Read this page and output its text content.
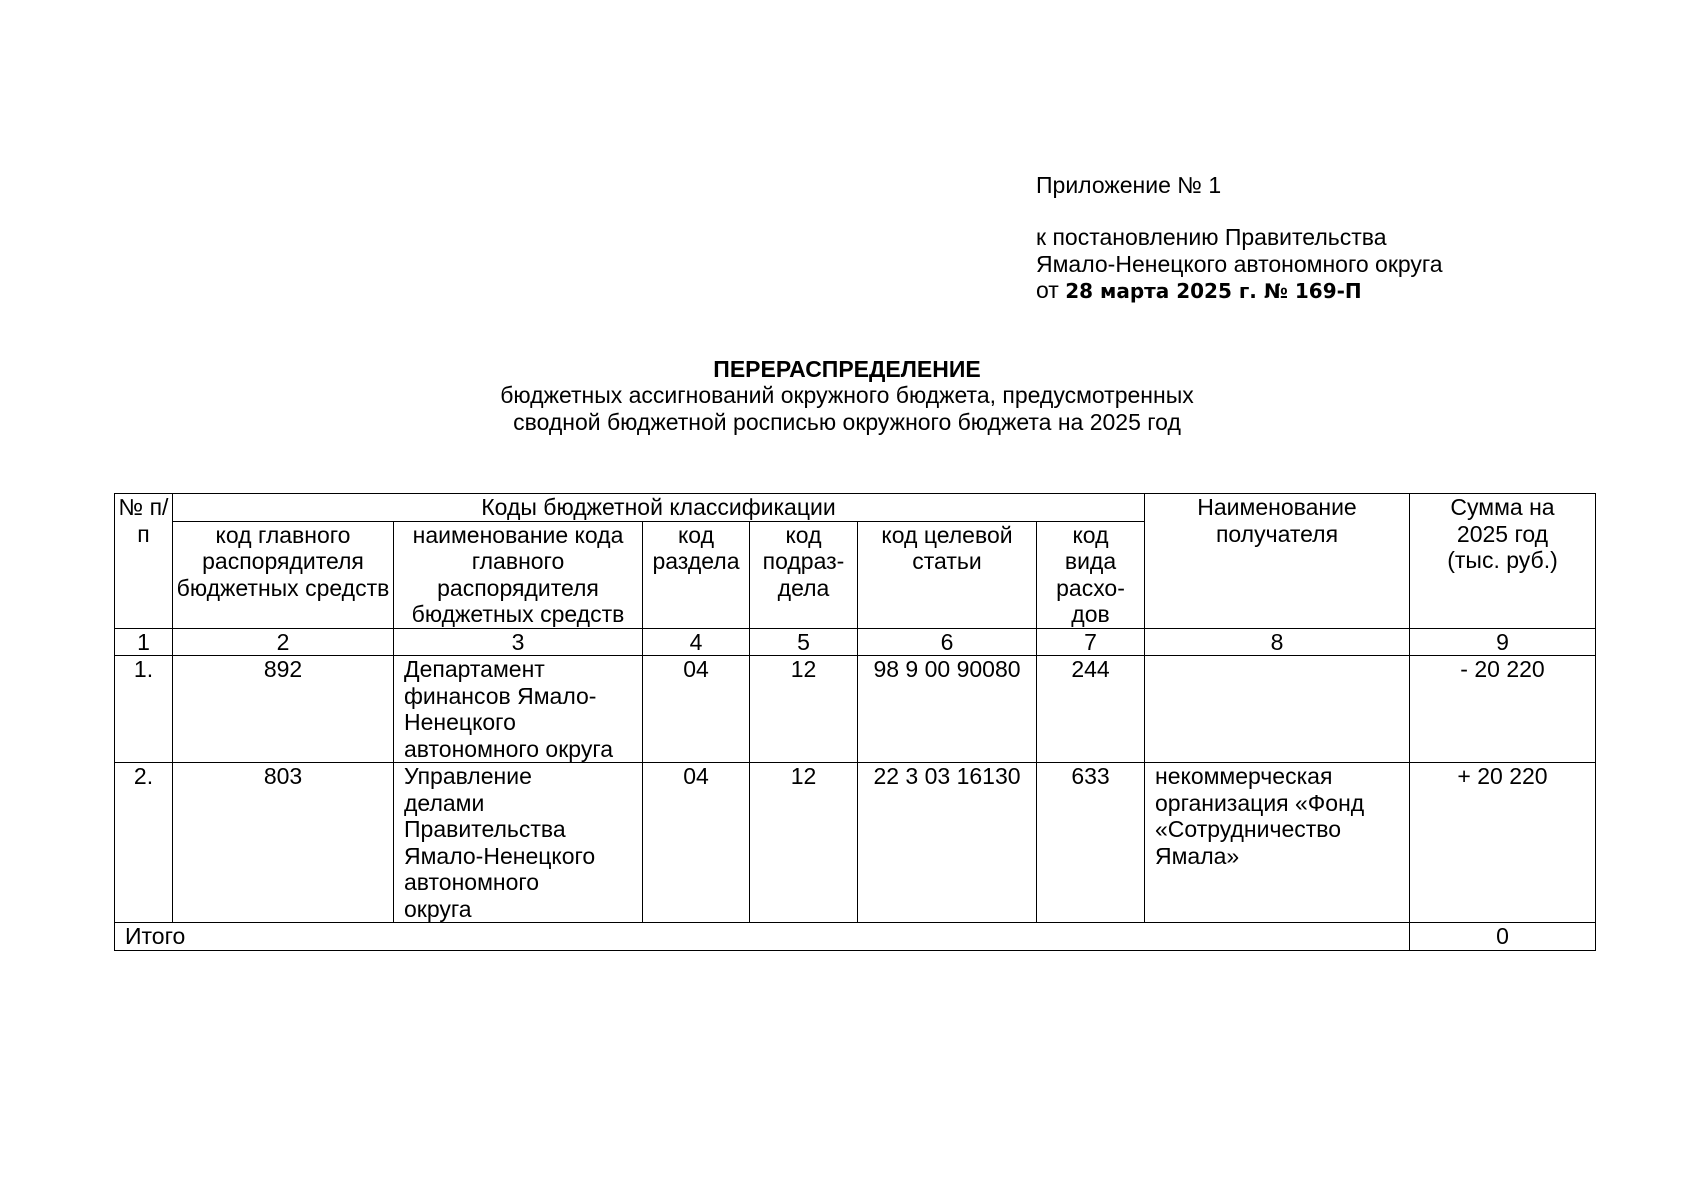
Приложение № 1
к постановлению Правительства
Ямало-Ненецкого автономного округа
от 28 марта 2025 г. № 169-П
ПЕРЕРАСПРЕДЕЛЕНИЕ
бюджетных ассигнований окружного бюджета, предусмотренных
сводной бюджетной росписью окружного бюджета на 2025 год
№ п/п	Коды бюджетной классификации						Наименование получателя	Сумма на 2025 год (тыс. руб.)
	код главного распорядителя бюджетных средств	наименование кода главного распорядителя бюджетных средств	код раздела	код подраз-дела	код целевой статьи	код вида расхо-дов		
1	2	3	4	5	6	7	8	9
1.	892	Департамент финансов Ямало-Ненецкого автономного округа	04	12	98 9 00 90080	244		- 20 220
2.	803	Управление делами Правительства Ямало-Ненецкого автономного округа	04	12	22 3 03 16130	633	некоммерческая организация «Фонд «Сотрудничество Ямала»	+ 20 220
Итого								0
